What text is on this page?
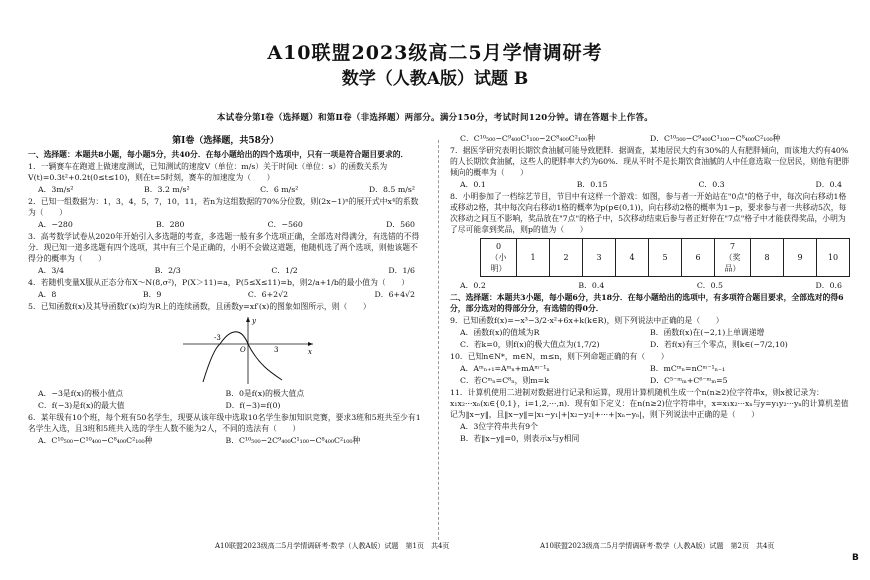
A10联盟2023级高二5月学情调研考
数学（人教A版）试题 B
本试卷分第Ⅰ卷（选择题）和第Ⅱ卷（非选择题）两部分。满分150分，考试时间120分钟。请在答题卡上作答。
第Ⅰ卷（选择题，共58分）
一、选择题：本题共8小题，每小题5分，共40分．在每小题给出的四个选项中，只有一项是符合题目要求的．
1．一辆赛车在跑道上做速度测试，已知测试的速度V（单位：m/s）关于时间t（单位：s）的函数关系为V(t)=0.3t²+0.2t(0≤t≤10)，则在t=5时刻，赛车的加速度为（　　）
A．3m/s²	B．3.2 m/s²	C．6 m/s²	D．8.5 m/s²
2．已知一组数据为：1，3，4，5，7，10，11，若n为这组数据的70%分位数，则(2x−1)ⁿ的展开式中x⁴的系数为（　　）
A．−280	B．280	C．−560	D．560
3．高考数学试卷从2020年开始引入多选题的考查，多选题一般有多个选项正确，全部选对得满分，有选错的不得分．现已知一道多选题有四个选项，其中有三个是正确的，小明不会做这道题，他随机选了两个选项，则他该题不得分的概率为（　　）
A．3/4	B．2/3	C．1/2	D．1/6
4．若随机变量X服从正态分布X～N(8,σ²)，P(X＞11)=a，P(5≤X≤11)=b，则2/a+1/b的最小值为（　　）
A．8	B．9	C．6+2√2	D．6+4√2
5．已知函数f(x)及其导函数f′(x)均为R上的连续函数，且函数y=xf′(x)的图象如图所示，则（　　）
-3
O	3	x
y
A．−3是f(x)的极小值点	B．0是f(x)的极大值点
C．f(−3)是f(x)的最大值	D．f(−3)=f(0)
6．某年级有10个班，每个班有50名学生，现要从该年级中选取10名学生参加知识竞赛，要求3班和5班共至少有1名学生入选，且3班和5班共入选的学生人数不能为2人，不同的选法有（　　）
A．C¹⁰₅₀₀−C¹⁰₄₀₀−C⁸₄₀₀C²₁₀₀种	B．C¹⁰₅₀₀−2C⁹₄₀₀C¹₁₀₀−C⁸₄₀₀C²₁₀₀种
C．C¹⁰₅₀₀−C⁹₄₀₀C¹₁₀₀−2C⁸₄₀₀C²₁₀₀种	D．C¹⁰₅₀₀−C⁹₄₀₀C¹₁₀₀−C⁸₄₀₀C²₁₀₀种
7．据医学研究表明长期饮食油腻可能导致肥胖．据调查，某地居民大约有30%的人有肥胖倾向，而该地大约有40%的人长期饮食油腻，这些人的肥胖率大约为60%．现从平时不是长期饮食油腻的人中任意选取一位居民，则他有肥胖倾向的概率为（　　）
A．0.1	B．0.15	C．0.3	D．0.4
8．小明参加了一档综艺节目，节目中有这样一个游戏：如图，参与者一开始站在"0点"的格子中，每次向右移动1格或移动2格，其中每次向右移动1格的概率为p(p∈(0,1))，向右移动2格的概率为1−p，要求参与者一共移动5次，每次移动之间互不影响，奖品放在"7点"的格子中，5次移动结束后参与者正好停在"7点"格子中才能获得奖品，小明为了尽可能拿到奖品，则p的值为（　　）
0（小明）	1	2	3	4	5	6	7（奖品）	8	9	10
A．0.2	B．0.4	C．0.5	D．0.6
二、选择题：本题共3小题，每小题6分，共18分．在每小题给出的选项中，有多项符合题目要求，全部选对的得6分，部分选对的得部分分，有选错的得0分．
9．已知函数f(x)=−x³−3/2·x²+6x+k(k∈R)，则下列说法中正确的是（　　）
A．函数f(x)的值域为R	B．函数f(x)在(−2,1)上单调递增
C．若k=0，则f(x)的极大值点为(1,7/2)	D．若f(x)有三个零点，则k∈(−7/2,10)
10．已知n∈N*，m∈N，m≤n，则下列命题正确的有（　　）
A．Aᵐₙ₊₁=Aᵐₙ+mAᵐ⁻¹ₙ	B．mCᵐₙ=nCᵐ⁻¹ₙ₋₁
C．若Cᵐₙ=C⁸ₙ，则m=k	D．C⁵⁻ᵐₘ+C⁶⁻ᵐₘ=5
11．计算机使用二进制对数据进行记录和运算，现用计算机随机生成一个n(n≥2)位字符串x，则x被记录为：x₁x₂···xₙ(xᵢ∈{0,1}，i=1,2,···,n)．现有如下定义：在n(n≥2)位字符串中，x=x₁x₂···xₙ与y=y₁y₂···yₙ的计算机差值记为‖x−y‖，且‖x−y‖=|x₁−y₁|+|x₂−y₂|+···+|xₙ−yₙ|，则下列说法中正确的是（　　）
A．3位字符串共有9个
B．若‖x−y‖=0，则表示x与y相同
A10联盟2023级高二5月学情调研考·数学（人教A版）试题　第1页　共4页	A10联盟2023级高二5月学情调研考·数学（人教A版）试题　第2页　共4页
B
